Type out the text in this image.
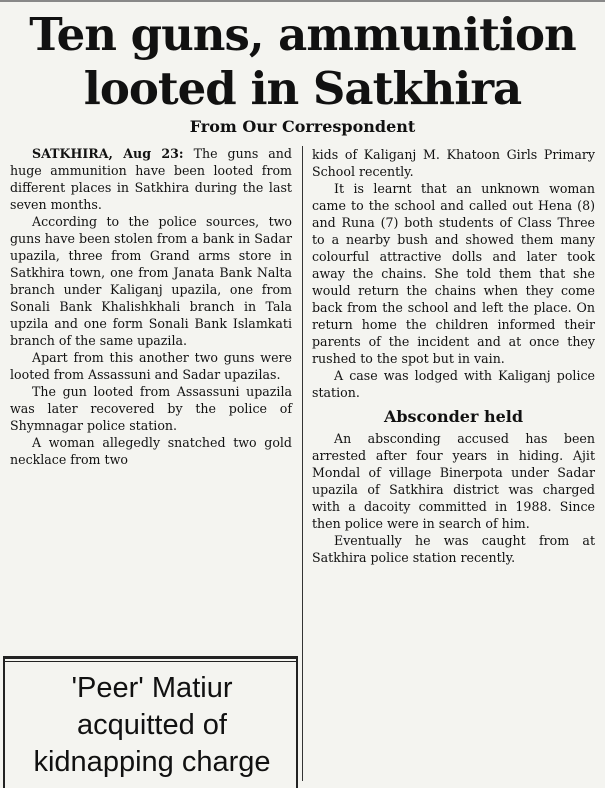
Ten guns, ammunition
looted in Satkhira
From Our Correspondent

SATKHIRA, Aug 23: The guns and huge ammunition have been looted from different places in Satkhira during the last seven months.

According to the police sources, two guns have been stolen from a bank in Sadar upazila, three from Grand arms store in Satkhira town, one from Janata Bank Nalta branch under Kaliganj upazila, one from Sonali Bank Khalishkhali branch in Tala upzila and one form Sonali Bank Islamkati branch of the same upazila.

Apart from this another two guns were looted from Assassuni and Sadar upazilas.

The gun looted from Assassuni upazila was later recovered by the police of Shymnagar police station.

A woman allegedly snatched two gold necklace from two

kids of Kaliganj M. Khatoon Girls Primary School recently.

It is learnt that an unknown woman came to the school and called out Hena (8) and Runa (7) both students of Class Three to a nearby bush and showed them many colourful attractive dolls and later took away the chains. She told them that she would return the chains when they come back from the school and left the place. On return home the children informed their parents of the incident and at once they rushed to the spot but in vain.

A case was lodged with Kaliganj police station.

Absconder held

An absconding accused has been arrested after four years in hiding. Ajit Mondal of village Binerpota under Sadar upazila of Satkhira district was charged with a dacoity committed in 1988. Since then police were in search of him.

Eventually he was caught from at Satkhira police station recently.

'Peer' Matiur
acquitted of
kidnapping charge
